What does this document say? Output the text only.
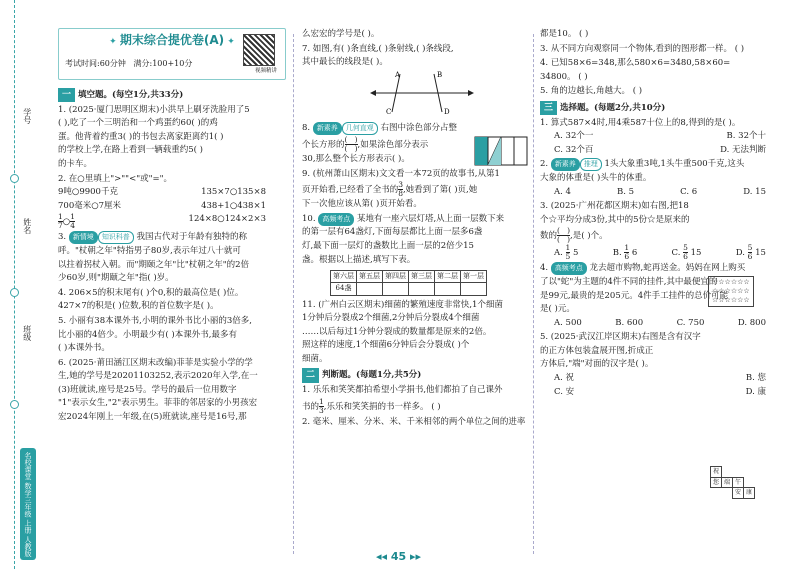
学号
姓名
班级
名校课堂 数学三年级 上册 人教版
✦ 期末综合提优卷(A) ✦
考试时间:60分钟 满分:100+10分
视频精讲
一 填空题。(每空1分,共33分)
1. (2025·厦门思明区期末)小洪早上刷牙洗脸用了5
( ),吃了一个三明治和一个鸡蛋约60( )的鸡
蛋。他背着约重3( )的书包去离家距离约1( )
的学校上学,在路上看到一辆载重约5( )
的卡车。
2. 在○里填上">""<"或"="。
9吨○9900千克	135×7○135×8
700毫米○7厘米	438+1○438×1
$\frac{1}{7}$ ○ $\frac{1}{4}$	124×8○124×2×3
3. 新情境 知识科普 我国古代对于年龄有独特的称
呼。"杖朝之年"特指男子80岁,表示年过八十就可
以拄着拐杖入朝。而"期颐之年"比"杖朝之年"的2倍
少60岁,则"期颐之年"指( )岁。
4. 206×5的积末尾有( )个0,积的最高位是( )位。
427×7的积是( )位数,积的首位数字是( )。
5. 小丽有38本课外书,小明的课外书比小丽的3倍多,
比小丽的4倍少。小明最少有( )本课外书,最多有
( )本课外书。
6. (2025·莆田涵江区期末改编)菲菲是实验小学的学
生,她的学号是20201103252,表示2020年入学,在一
(3)班就读,座号是25号。学号的最后一位用数字
"1"表示女生,"2"表示男生。菲菲的邻居家的小男孩宏
宏2024年刚上一年级,在(5)班就读,座号是16号,那
么宏宏的学号是( )。
7. 如图,有( )条直线,( )条射线,( )条线段,
其中最长的线段是( )。
A	B
C	D
8. 新素养 几何直观 右图中涂色部分占整
个长方形的 $\frac{( )}{( )}$ ,如果涂色部分表示
30,那么整个长方形表示( )。
9. (杭州萧山区期末)文文看一本72页的故事书,从第1
页开始看,已经看了全书的 $\frac{3}{8}$ ,她看到了第( )页,她
下一次他应该从第( )页开始看。
10. 高频考点 某地有一座六层灯塔,从上面一层数下来
的第一层有64盏灯,下面每层都比上面一层多6盏
灯,最下面一层灯的盏数比上面一层的2倍少15
盏。根据以上描述,填写下表。
第六层	第五层	第四层	第三层	第二层	第一层
64盏					
11. (广州白云区期末)细菌的繁殖速度非常快,1个细菌
1分钟后分裂成2个细菌,2分钟后分裂成4个细菌
……以后每过1分钟分裂成的数量都是原来的2倍。
照这样的速度,1个细菌6分钟后会分裂成( )个
细菌。
二 判断题。(每题1分,共5分)
1. 乐乐和笑笑都拍希望小学捐书,他们都拍了自己课外
书的 $\frac{1}{3}$ ,乐乐和笑笑捐的书一样多。 ( )
2. 毫米、厘米、分米、米、千米相邻的两个单位之间的进率
都是10。 ( )
3. 从不同方向观察同一个物体,看到的图形都一样。 ( )
4. 已知58×6=348,那么580×6=3480,58×60=
34800。 ( )
5. 角的边越长,角越大。 ( )
三 选择题。(每题2分,共10分)
1. 算式587×4时,用4乘587十位上的8,得到的是( )。
A. 32个一	B. 32个十
C. 32个百	D. 无法判断
2. 新素养 推理 1头大象重3吨,1头牛重500千克,这头
大象的体重是( )头牛的体重。
A. 4	B. 5	C. 6	D. 15
3. (2025·广州花都区期末)如右图,把18
个☆平均分成3份,其中的5份☆是原来的
数的 $\frac{( )}{( )}$ ,是( )个。
A. $\frac{1}{5} 5$	B. $\frac{1}{6} 6$	C. $\frac{5}{6} 15$	D. $\frac{5}{6} 15$
☆☆☆☆☆☆
☆☆☆☆☆☆
☆☆☆☆☆☆
4. 高频考点 龙去超市购物,蛇再送金。妈妈在网上购买
了以"蛇"为主题的4件不同的挂件,其中最便宜的
是99元,最贵的是205元。4件手工挂件的总价可能
是( )元。
A. 500	B. 600	C. 750	D. 800
5. (2025·武汉江岸区期末)右图是含有汉字
的正方体包装盒展开图,折成正
方体后,"端"对面的汉字是( )。
A. 祝	B. 您
C. 安	D. 康
祝			
您	端	午	
		安	康
◂◂ 45 ▸▸
